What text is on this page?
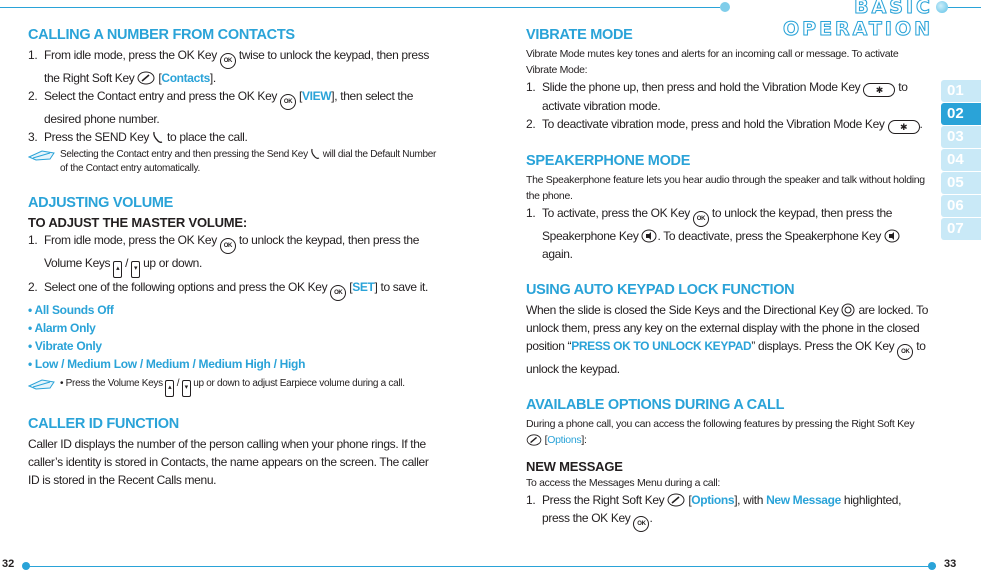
BASIC OPERATION
01
02
03
04
05
06
07
CALLING A NUMBER FROM CONTACTS
1. From idle mode, press the OK Key OK twise to unlock the keypad, then press the Right Soft Key [Contacts].
2. Select the Contact entry and press the OK Key OK [VIEW], then select the desired phone number.
3. Press the SEND Key to place the call.
Selecting the Contact entry and then pressing the Send Key will dial the Default Number of the Contact entry automatically.
ADJUSTING VOLUME
TO ADJUST THE MASTER VOLUME:
1. From idle mode, press the OK Key OK to unlock the keypad, then press the Volume Keys ▴ / ▾ up or down.
2. Select one of the following options and press the OK Key OK [SET] to save it.
• All Sounds Off
• Alarm Only
• Vibrate Only
• Low / Medium Low / Medium / Medium High / High
• Press the Volume Keys ▴ / ▾ up or down to adjust Earpiece volume during a call.
CALLER ID FUNCTION

Caller ID displays the number of the person calling when your phone rings. If the caller’s identity is stored in Contacts, the name appears on the screen. The caller ID is stored in the Recent Calls menu.

VIBRATE MODE

Vibrate Mode mutes key tones and alerts for an incoming call or message. To activate Vibrate Mode:

1. Slide the phone up, then press and hold the Vibration Mode Key ✱ to activate vibration mode.
2. To deactivate vibration mode, press and hold the Vibration Mode Key ✱ .
SPEAKERPHONE MODE

The Speakerphone feature lets you hear audio through the speaker and talk without holding the phone.

1. To activate, press the OK Key OK to unlock the keypad, then press the Speakerphone Key . To deactivate, press the Speakerphone Key  again.
USING AUTO KEYPAD LOCK FUNCTION

When the slide is closed the Side Keys and the Directional Key are locked. To unlock them, press any key on the external display with the phone in the closed position “PRESS OK TO UNLOCK KEYPAD” displays. Press the OK Key OK to unlock the keypad.

AVAILABLE OPTIONS DURING A CALL

During a phone call, you can access the following features by pressing the Right Soft Key  [Options]:

NEW MESSAGE

To access the Messages Menu during a call:

1. Press the Right Soft Key [Options], with New Message highlighted, press the OK Key OK .
32	33
